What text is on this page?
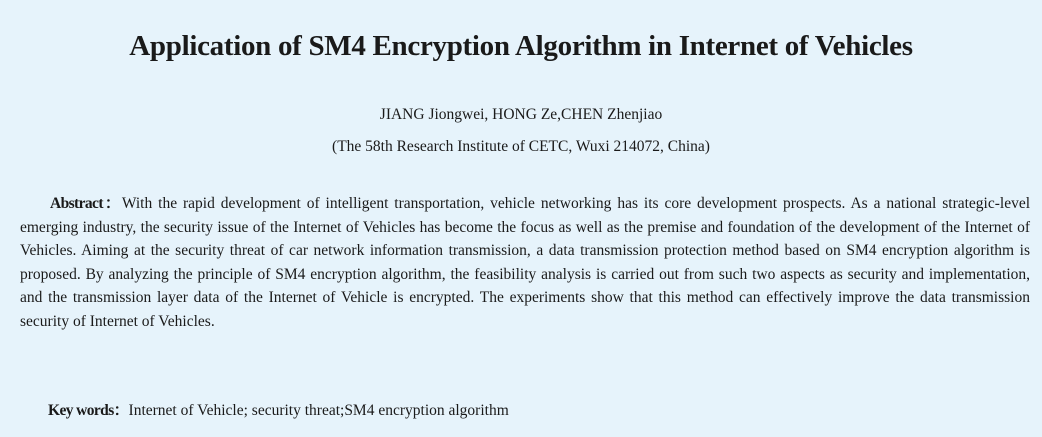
Application of SM4 Encryption Algorithm in Internet of Vehicles
JIANG Jiongwei, HONG Ze,CHEN Zhenjiao
(The 58th Research Institute of CETC, Wuxi 214072, China)

Abstract：With the rapid development of intelligent transportation, vehicle networking has its core development prospects. As a national strategic-level emerging industry, the security issue of the Internet of Vehicles has become the focus as well as the premise and foundation of the development of the Internet of Vehicles. Aiming at the security threat of car network information transmission, a data transmission protection method based on SM4 encryption algorithm is proposed. By analyzing the principle of SM4 encryption algorithm, the feasibility analysis is carried out from such two aspects as security and implementation, and the transmission layer data of the Internet of Vehicle is encrypted. The experiments show that this method can effectively improve the data transmission security of Internet of Vehicles.

Key words：Internet of Vehicle; security threat;SM4 encryption algorithm
